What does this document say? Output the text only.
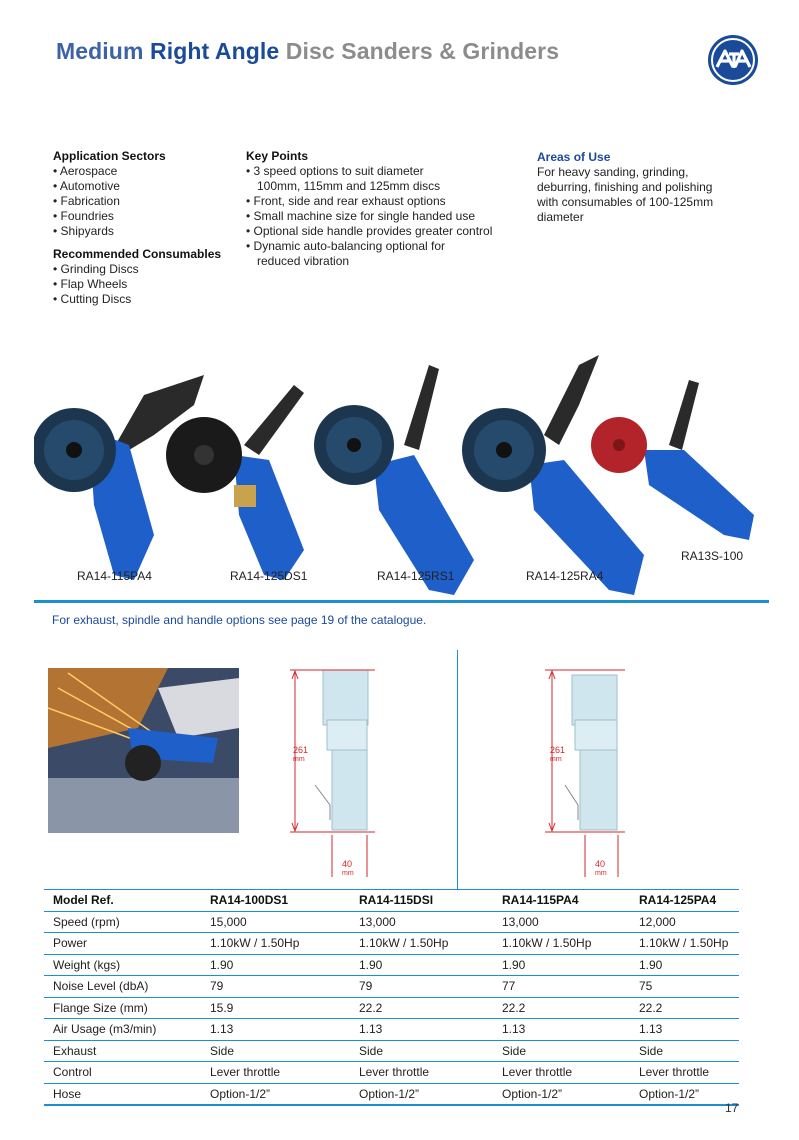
Medium Right Angle Disc Sanders & Grinders
Application Sectors
• Aerospace
• Automotive
• Fabrication
• Foundries
• Shipyards
Recommended Consumables
• Grinding Discs
• Flap Wheels
• Cutting Discs
Key Points
• 3 speed options to suit diameter 100mm, 115mm and 125mm discs
• Front, side and rear exhaust options
• Small machine size for single handed use
• Optional side handle provides greater control
• Dynamic auto-balancing optional for reduced vibration
Areas of Use
For heavy sanding, grinding, deburring, finishing and polishing with consumables of 100-125mm diameter
RA14-115PA4	RA14-125DS1	RA14-125RS1	RA14-125RA4
RA13S-100
For exhaust, spindle and handle options see page 19 of the catalogue.
261
mm
40
mm
261
mm
40
mm
Model Ref.	RA14-100DS1	RA14-115DSI	RA14-115PA4	RA14-125PA4
Speed (rpm)	15,000	13,000	13,000	12,000
Power	1.10kW / 1.50Hp	1.10kW / 1.50Hp	1.10kW / 1.50Hp	1.10kW / 1.50Hp
Weight (kgs)	1.90	1.90	1.90	1.90
Noise Level (dbA)	79	79	77	75
Flange Size (mm)	15.9	22.2	22.2	22.2
Air Usage (m3/min)	1.13	1.13	1.13	1.13
Exhaust	Side	Side	Side	Side
Control	Lever throttle	Lever throttle	Lever throttle	Lever throttle
Hose	Option-1/2”	Option-1/2”	Option-1/2”	Option-1/2”
17
